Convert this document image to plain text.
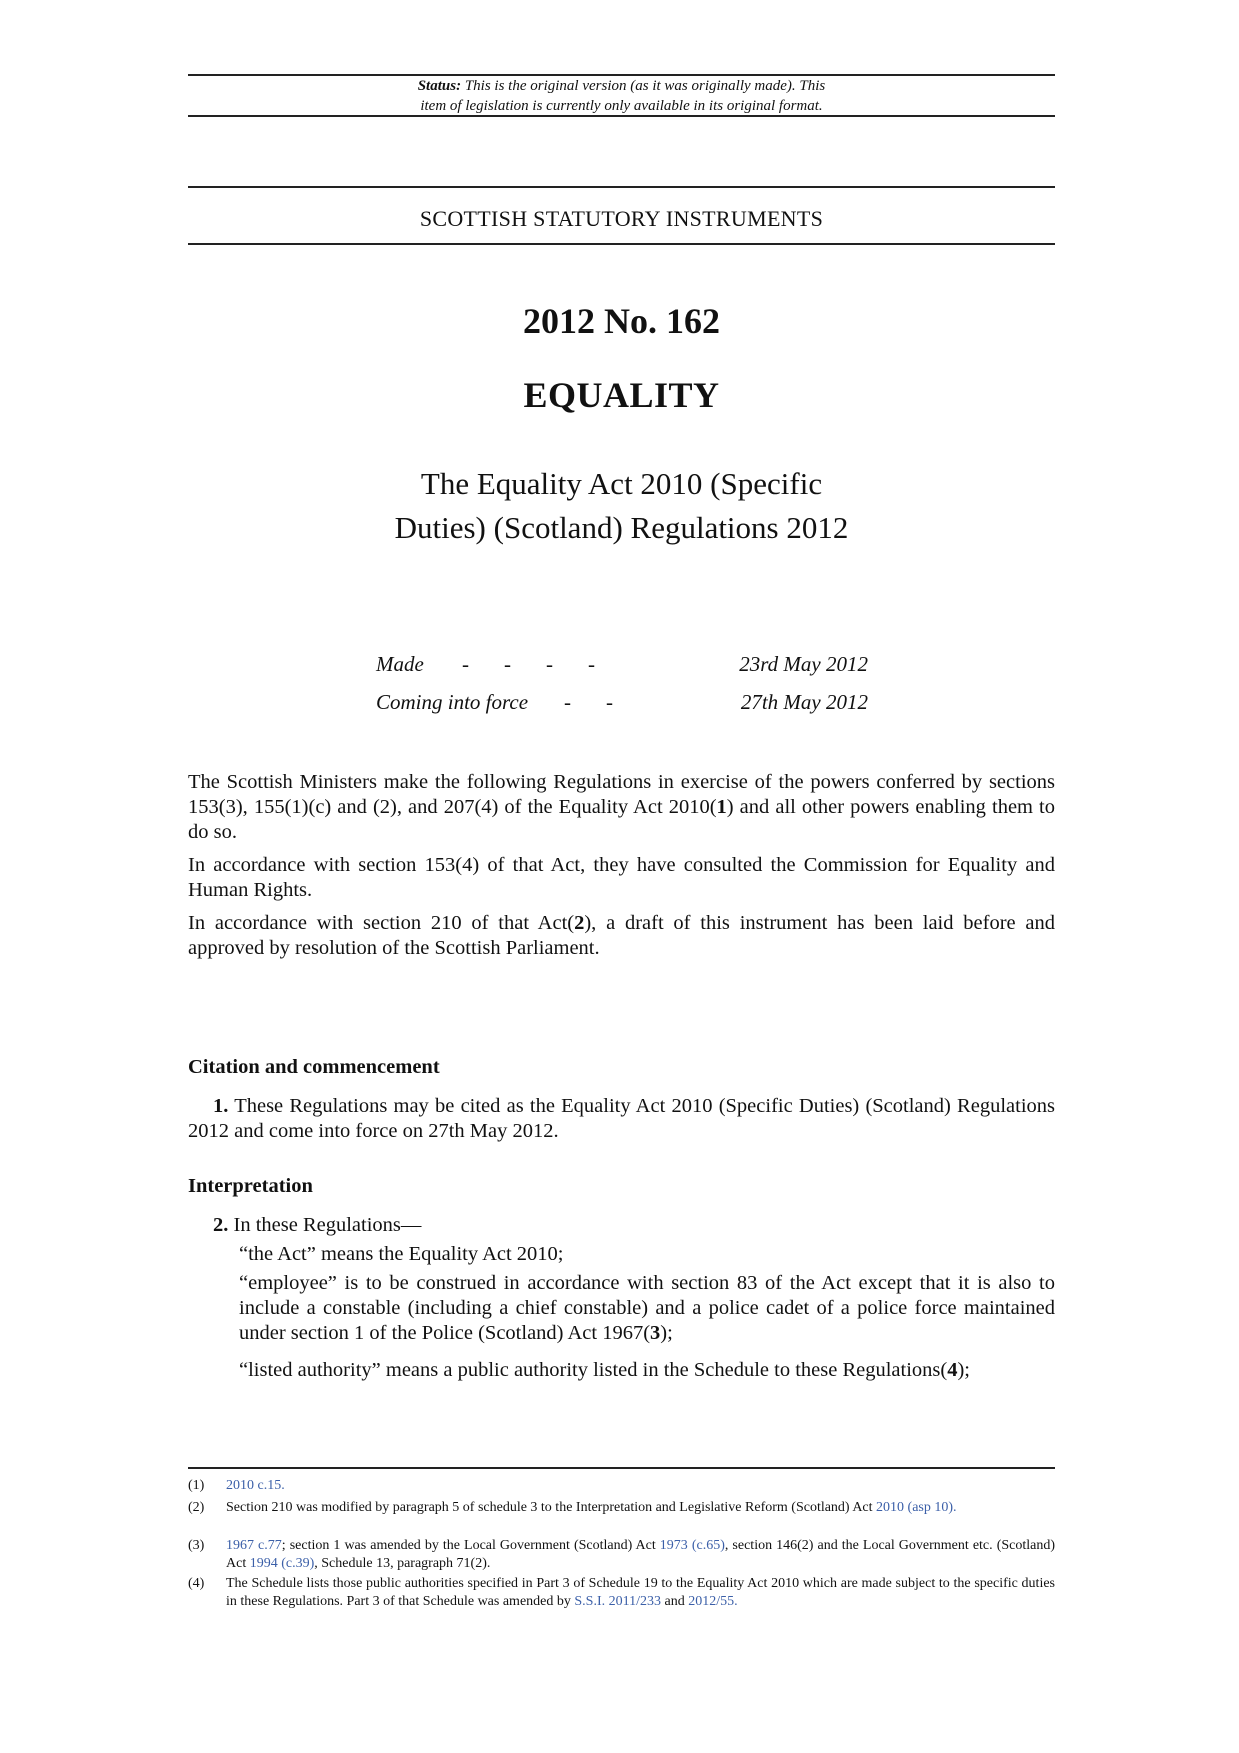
Status: This is the original version (as it was originally made). This
item of legislation is currently only available in its original format.
SCOTTISH STATUTORY INSTRUMENTS
2012 No. 162
EQUALITY
The Equality Act 2010 (Specific
Duties) (Scotland) Regulations 2012
Made - - - -	23rd May 2012
Coming into force - -	27th May 2012
The Scottish Ministers make the following Regulations in exercise of the powers conferred by sections 153(3), 155(1)(c) and (2), and 207(4) of the Equality Act 2010(1) and all other powers enabling them to do so.
In accordance with section 153(4) of that Act, they have consulted the Commission for Equality and Human Rights.
In accordance with section 210 of that Act(2), a draft of this instrument has been laid before and approved by resolution of the Scottish Parliament.
Citation and commencement
1. These Regulations may be cited as the Equality Act 2010 (Specific Duties) (Scotland) Regulations 2012 and come into force on 27th May 2012.
Interpretation
2. In these Regulations—
“the Act” means the Equality Act 2010;
“employee” is to be construed in accordance with section 83 of the Act except that it is also to include a constable (including a chief constable) and a police cadet of a police force maintained under section 1 of the Police (Scotland) Act 1967(3);
“listed authority” means a public authority listed in the Schedule to these Regulations(4);
(1) 2010 c.15.
(2) Section 210 was modified by paragraph 5 of schedule 3 to the Interpretation and Legislative Reform (Scotland) Act 2010 (asp 10).
(3) 1967 c.77; section 1 was amended by the Local Government (Scotland) Act 1973 (c.65), section 146(2) and the Local Government etc. (Scotland) Act 1994 (c.39), Schedule 13, paragraph 71(2).
(4) The Schedule lists those public authorities specified in Part 3 of Schedule 19 to the Equality Act 2010 which are made subject to the specific duties in these Regulations. Part 3 of that Schedule was amended by S.S.I. 2011/233 and 2012/55.
